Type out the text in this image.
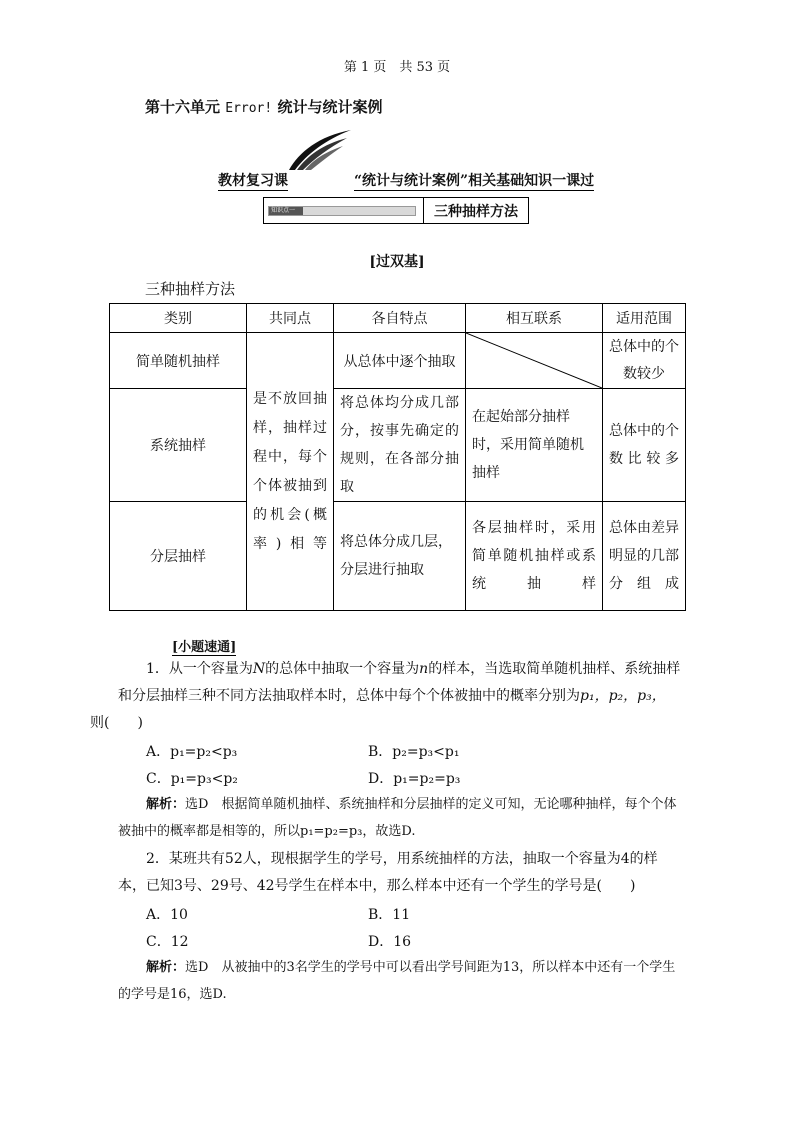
第 1 页　共 53 页
第十六单元 Error! 统计与统计案例
教材复习课	“统计与统计案例”相关基础知识一课过
知识点一	三种抽样方法
[过双基]
三种抽样方法
类别	共同点	各自特点	相互联系	适用范围
简单随机抽样	是不放回抽样，抽样过程中，每个个体被抽到的机会(概率)相等	从总体中逐个抽取		总体中的个数较少
系统抽样		将总体均分成几部分，按事先确定的规则，在各部分抽取	在起始部分抽样时，采用简单随机抽样	总体中的个数比较多
分层抽样		将总体分成几层，分层进行抽取	各层抽样时，采用简单随机抽样或系统抽样	总体由差异明显的几部分组成
[小题速通]
1．从一个容量为N的总体中抽取一个容量为n的样本，当选取简单随机抽样、系统抽样和分层抽样三种不同方法抽取样本时，总体中每个个体被抽中的概率分别为p₁，p₂，p₃，
则(　　)
A．p₁=p₂<p₃	B．p₂=p₃<p₁
C．p₁=p₃<p₂	D．p₁=p₂=p₃
解析：选D　根据简单随机抽样、系统抽样和分层抽样的定义可知，无论哪种抽样，每个个体被抽中的概率都是相等的，所以p₁=p₂=p₃，故选D.
2．某班共有52人，现根据学生的学号，用系统抽样的方法，抽取一个容量为4的样本，已知3号、29号、42号学生在样本中，那么样本中还有一个学生的学号是(　　)
A．10	B．11
C．12	D．16
解析：选D　从被抽中的3名学生的学号中可以看出学号间距为13，所以样本中还有一个学生的学号是16，选D.
